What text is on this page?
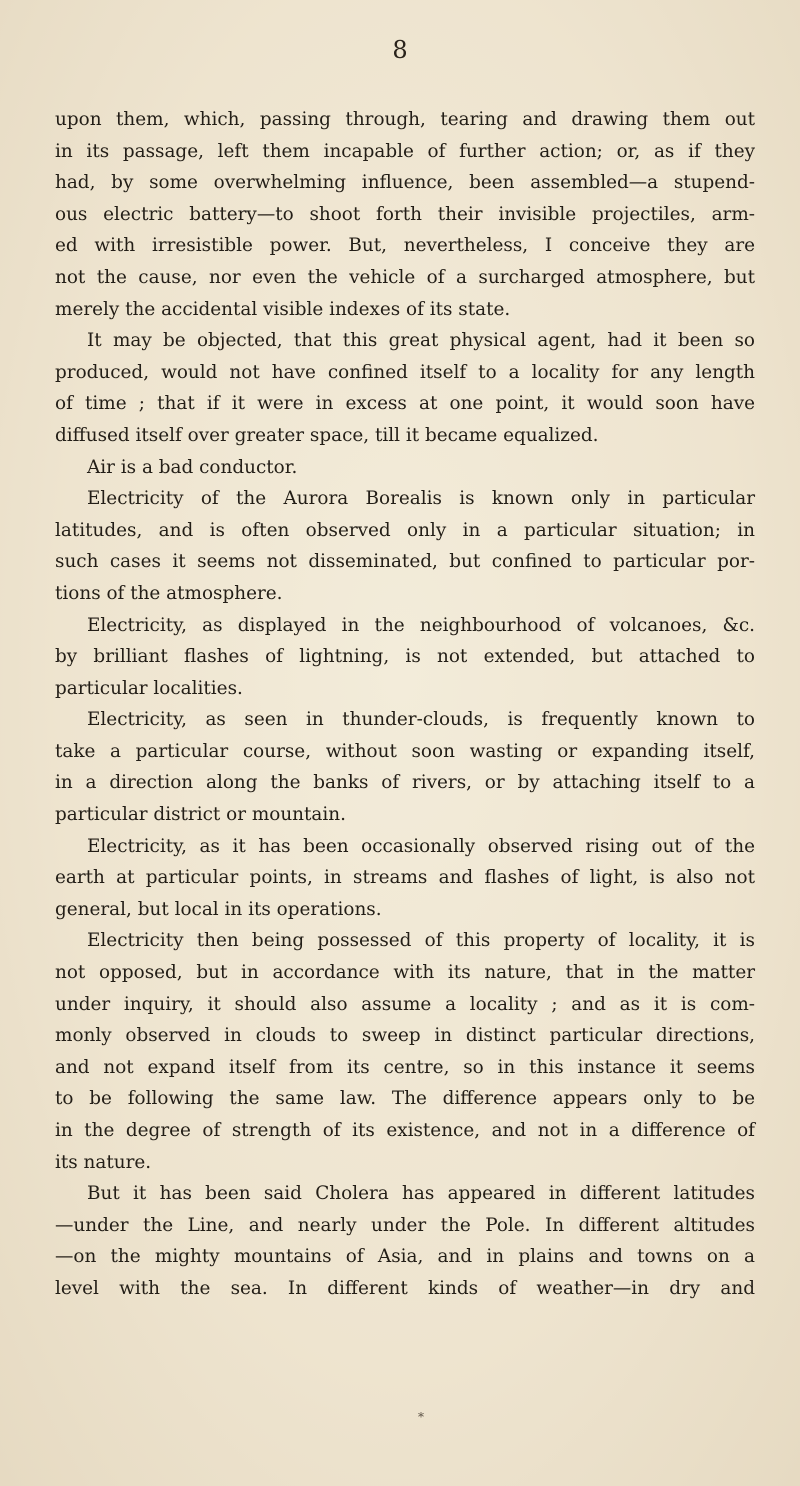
8
upon them, which, passing through, tearing and drawing them out
in its passage, left them incapable of further action; or, as if they
had, by some overwhelming influence, been assembled—a stupend-
ous electric battery—to shoot forth their invisible projectiles, arm-
ed with irresistible power. But, nevertheless, I conceive they are
not the cause, nor even the vehicle of a surcharged atmosphere, but
merely the accidental visible indexes of its state.
It may be objected, that this great physical agent, had it been so
produced, would not have confined itself to a locality for any length
of time ; that if it were in excess at one point, it would soon have
diffused itself over greater space, till it became equalized.
Air is a bad conductor.
Electricity of the Aurora Borealis is known only in particular
latitudes, and is often observed only in a particular situation; in
such cases it seems not disseminated, but confined to particular por-
tions of the atmosphere.
Electricity, as displayed in the neighbourhood of volcanoes, &c.
by brilliant flashes of lightning, is not extended, but attached to
particular localities.
Electricity, as seen in thunder-clouds, is frequently known to
take a particular course, without soon wasting or expanding itself,
in a direction along the banks of rivers, or by attaching itself to a
particular district or mountain.
Electricity, as it has been occasionally observed rising out of the
earth at particular points, in streams and flashes of light, is also not
general, but local in its operations.
Electricity then being possessed of this property of locality, it is
not opposed, but in accordance with its nature, that in the matter
under inquiry, it should also assume a locality ; and as it is com-
monly observed in clouds to sweep in distinct particular directions,
and not expand itself from its centre, so in this instance it seems
to be following the same law. The difference appears only to be
in the degree of strength of its existence, and not in a difference of
its nature.
But it has been said Cholera has appeared in different latitudes
—under the Line, and nearly under the Pole. In different altitudes
—on the mighty mountains of Asia, and in plains and towns on a
level with the sea. In different kinds of weather—in dry and
*
